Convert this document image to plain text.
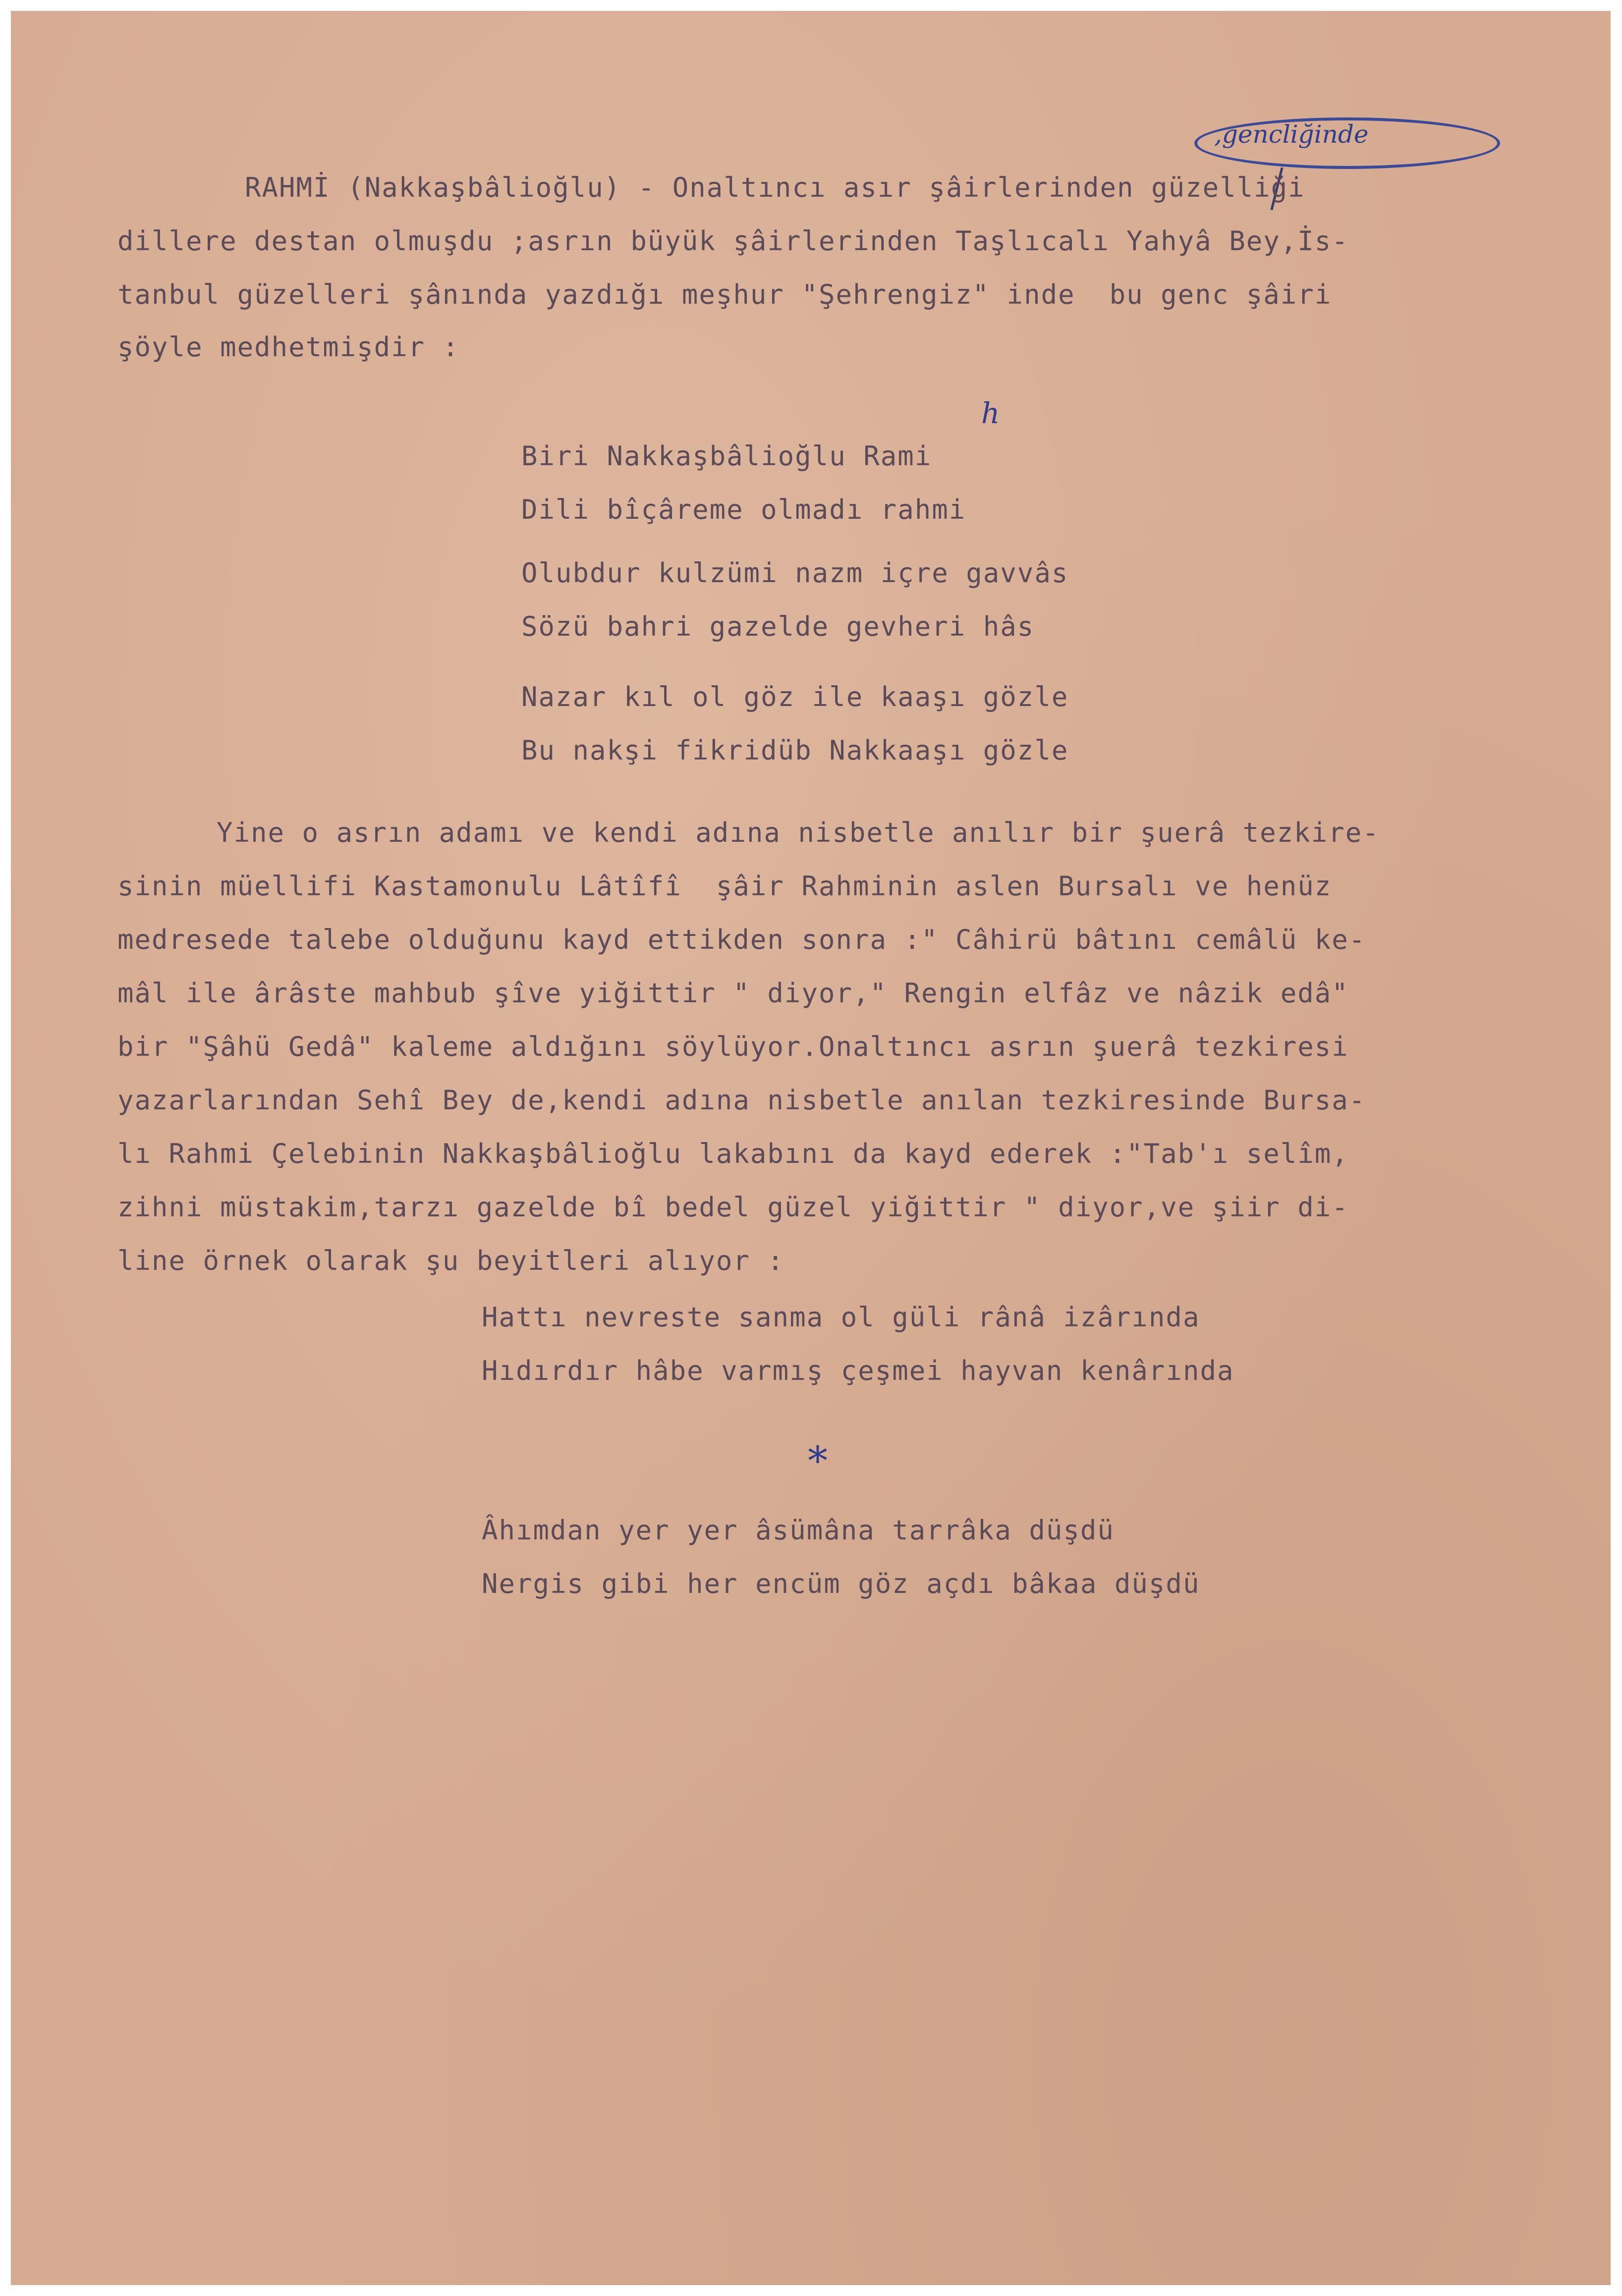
,gencliğinde
h
RAHMİ (Nakkaşbâlioğlu) - Onaltıncı asır şâirlerinden güzelliği
dillere destan olmuşdu ;asrın büyük şâirlerinden Taşlıcalı Yahyâ Bey,İs-
tanbul güzelleri şânında yazdığı meşhur "Şehrengiz" inde  bu genc şâiri
şöyle medhetmişdir :
Biri Nakkaşbâlioğlu Rami
Dili bîçâreme olmadı rahmi
Olubdur kulzümi nazm içre gavvâs
Sözü bahri gazelde gevheri hâs
Nazar kıl ol göz ile kaaşı gözle
Bu nakşi fikridüb Nakkaaşı gözle
Yine o asrın adamı ve kendi adına nisbetle anılır bir şuerâ tezkire-
sinin müellifi Kastamonulu Lâtîfî  şâir Rahminin aslen Bursalı ve henüz
medresede talebe olduğunu kayd ettikden sonra :" Câhirü bâtını cemâlü ke-
mâl ile ârâste mahbub şîve yiğittir " diyor," Rengin elfâz ve nâzik edâ"
bir "Şâhü Gedâ" kaleme aldığını söylüyor.Onaltıncı asrın şuerâ tezkiresi
yazarlarından Sehî Bey de,kendi adına nisbetle anılan tezkiresinde Bursa-
lı Rahmi Çelebinin Nakkaşbâlioğlu lakabını da kayd ederek :"Tab'ı selîm,
zihni müstakim,tarzı gazelde bî bedel güzel yiğittir " diyor,ve şiir di-
line örnek olarak şu beyitleri alıyor :
Hattı nevreste sanma ol güli rânâ izârında
Hıdırdır hâbe varmış çeşmei hayvan kenârında
*
Âhımdan yer yer âsümâna tarrâka düşdü
Nergis gibi her encüm göz açdı bâkaa düşdü
